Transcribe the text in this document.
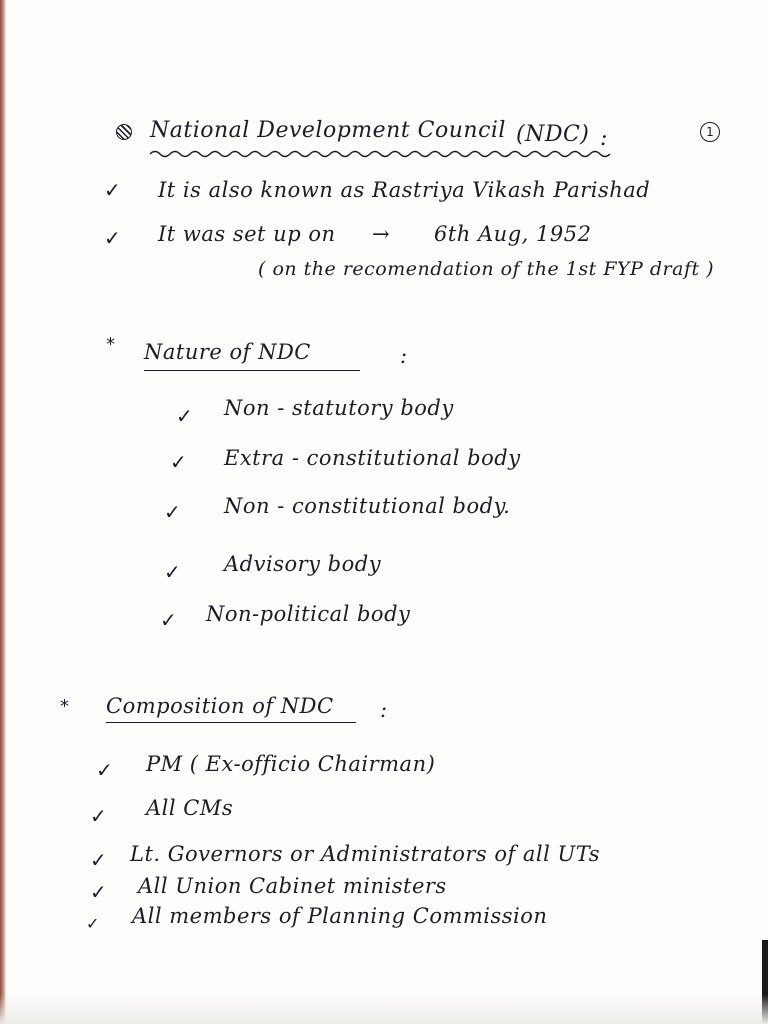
National Development Council (NDC) :	1
✓ It is also known as Rastriya Vikash Parishad
✓ It was set up on → 6th Aug, 1952
( on the recomendation of the 1st FYP draft )
* Nature of NDC	:
✓ Non - statutory body
✓ Extra - constitutional body
✓ Non - constitutional body.
✓ Advisory body
✓ Non-political body
* Composition of NDC :
✓ PM ( Ex-officio Chairman)
✓ All CMs
✓ Lt. Governors or Administrators of all UTs
✓ All Union Cabinet ministers
✓ All members of Planning Commission
